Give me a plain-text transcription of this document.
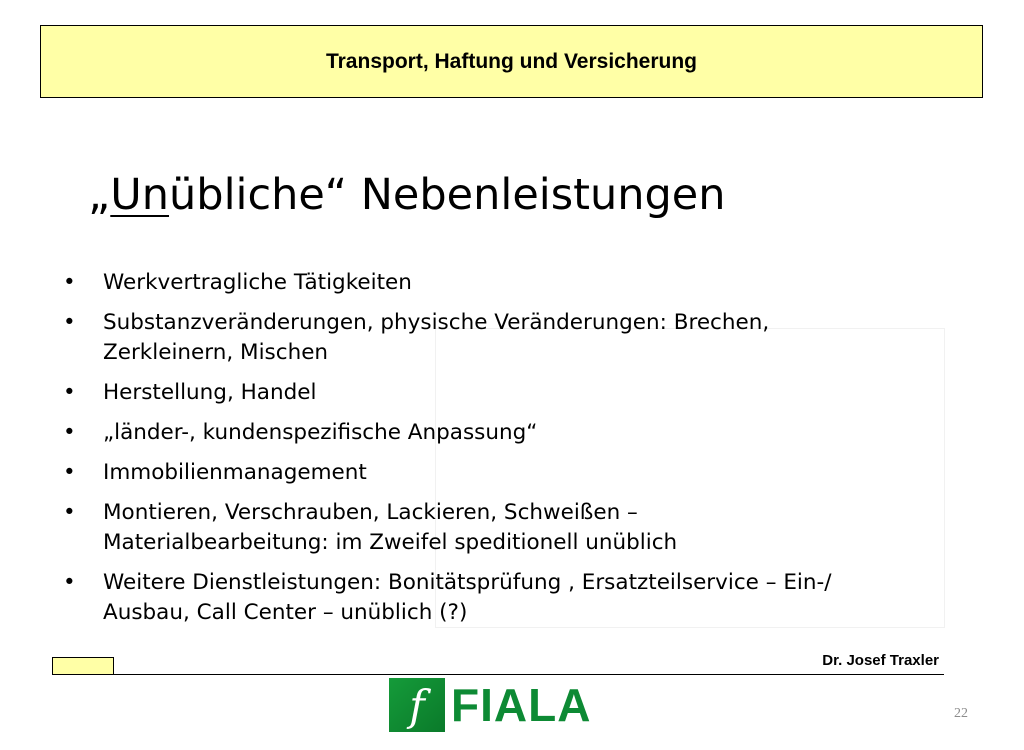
Transport, Haftung und Versicherung
„Unübliche“ Nebenleistungen
• Werkvertragliche Tätigkeiten
• Substanzveränderungen, physische Veränderungen: Brechen, Zerkleinern, Mischen
• Herstellung, Handel
• „länder-, kundenspezifische Anpassung“
• Immobilienmanagement
• Montieren, Verschrauben, Lackieren, Schweißen – Materialbearbeitung: im Zweifel speditionell unüblich
• Weitere Dienstleistungen: Bonitätsprüfung , Ersatzteilservice – Ein-/ Ausbau, Call Center – unüblich (?)
Dr. Josef Traxler
f FIALA	22
